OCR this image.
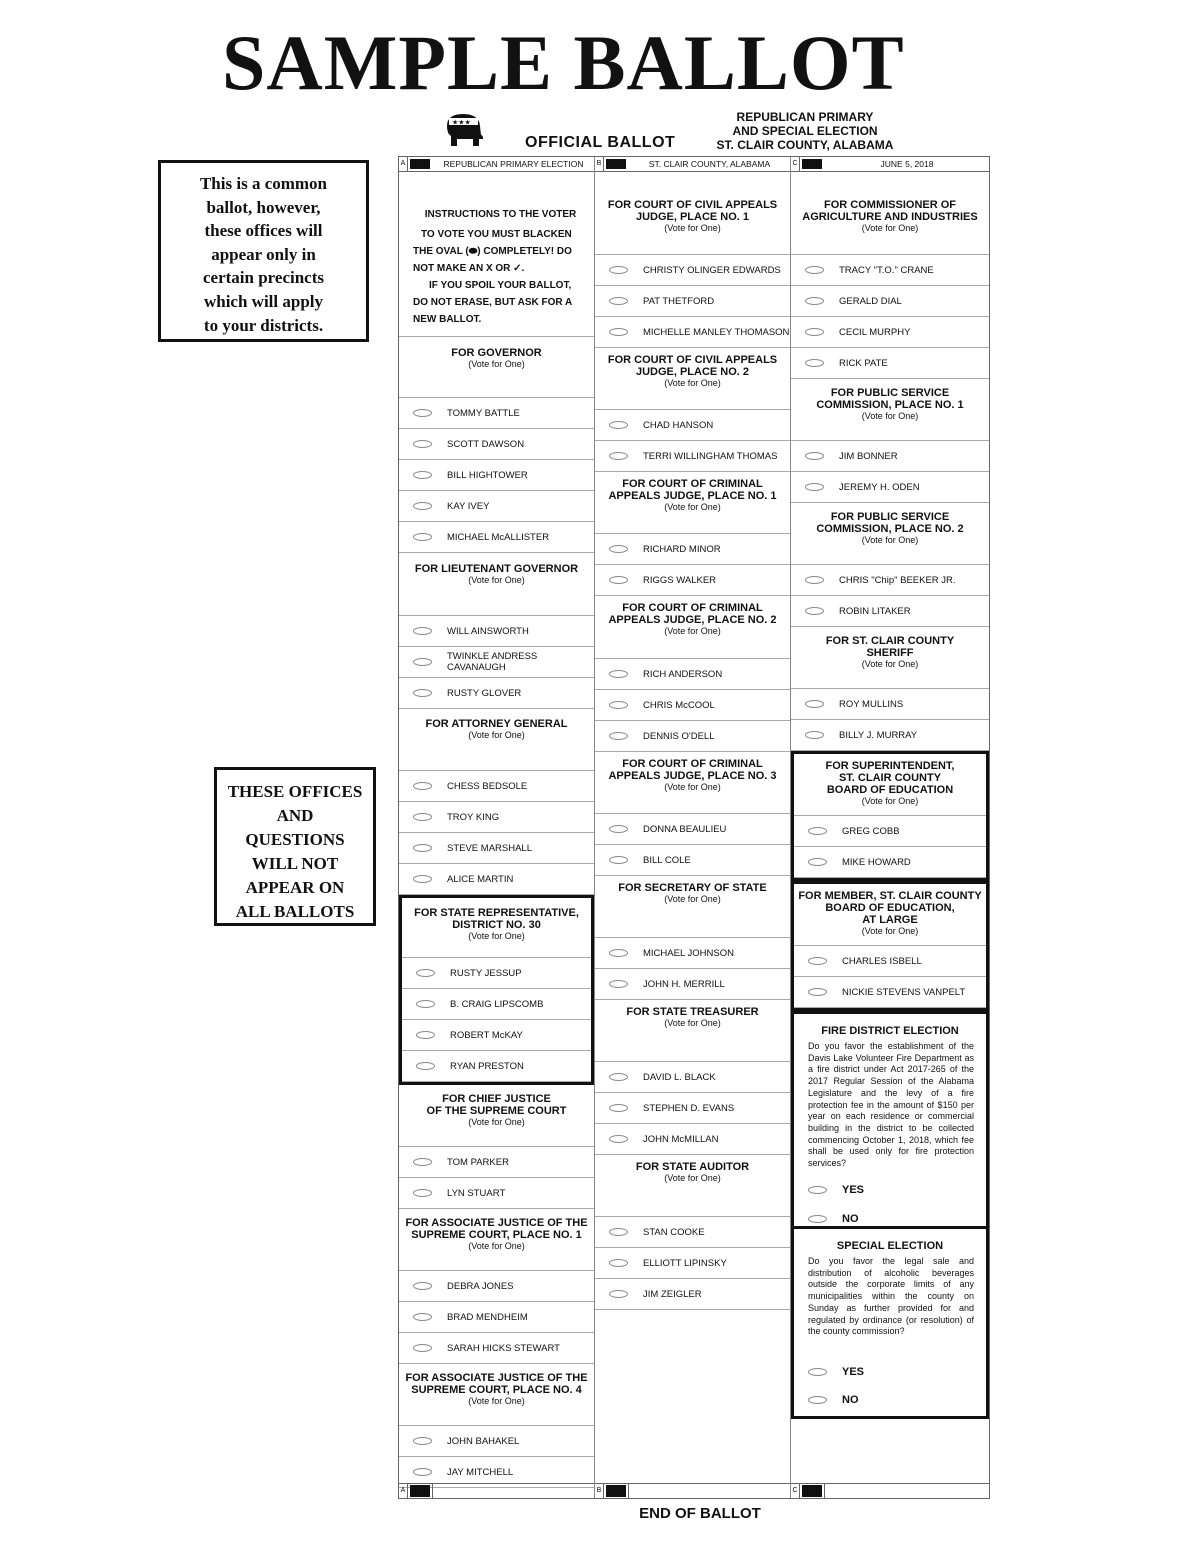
SAMPLE BALLOT
★★★
OFFICIAL BALLOT
REPUBLICAN PRIMARY
AND SPECIAL ELECTION
ST. CLAIR COUNTY, ALABAMA
This is a common
ballot, however,
these offices will
appear only in
certain precincts
which will apply
to your districts.
THESE OFFICES
AND
QUESTIONS
WILL NOT
APPEAR ON
ALL BALLOTS
A	REPUBLICAN PRIMARY ELECTION
INSTRUCTIONS TO THE VOTER
TO VOTE YOU MUST BLACKEN
THE OVAL (⬬) COMPLETELY! DO
NOT MAKE AN X OR ✓.
IF YOU SPOIL YOUR BALLOT,
DO NOT ERASE, BUT ASK FOR A
NEW BALLOT.
FOR GOVERNOR
(Vote for One)
TOMMY BATTLE
SCOTT DAWSON
BILL HIGHTOWER
KAY IVEY
MICHAEL McALLISTER
FOR LIEUTENANT GOVERNOR
(Vote for One)
WILL AINSWORTH
TWINKLE ANDRESS CAVANAUGH
RUSTY GLOVER
FOR ATTORNEY GENERAL
(Vote for One)
CHESS BEDSOLE
TROY KING
STEVE MARSHALL
ALICE MARTIN
FOR STATE REPRESENTATIVE,
DISTRICT NO. 30
(Vote for One)
RUSTY JESSUP
B. CRAIG LIPSCOMB
ROBERT McKAY
RYAN PRESTON
FOR CHIEF JUSTICE
OF THE SUPREME COURT
(Vote for One)
TOM PARKER
LYN STUART
FOR ASSOCIATE JUSTICE OF THE
SUPREME COURT, PLACE NO. 1
(Vote for One)
DEBRA JONES
BRAD MENDHEIM
SARAH HICKS STEWART
FOR ASSOCIATE JUSTICE OF THE
SUPREME COURT, PLACE NO. 4
(Vote for One)
JOHN BAHAKEL
JAY MITCHELL
A
B	ST. CLAIR COUNTY, ALABAMA
FOR COURT OF CIVIL APPEALS
JUDGE, PLACE NO. 1
(Vote for One)
CHRISTY OLINGER EDWARDS
PAT THETFORD
MICHELLE MANLEY THOMASON
FOR COURT OF CIVIL APPEALS
JUDGE, PLACE NO. 2
(Vote for One)
CHAD HANSON
TERRI WILLINGHAM THOMAS
FOR COURT OF CRIMINAL
APPEALS JUDGE, PLACE NO. 1
(Vote for One)
RICHARD MINOR
RIGGS WALKER
FOR COURT OF CRIMINAL
APPEALS JUDGE, PLACE NO. 2
(Vote for One)
RICH ANDERSON
CHRIS McCOOL
DENNIS O'DELL
FOR COURT OF CRIMINAL
APPEALS JUDGE, PLACE NO. 3
(Vote for One)
DONNA BEAULIEU
BILL COLE
FOR SECRETARY OF STATE
(Vote for One)
MICHAEL JOHNSON
JOHN H. MERRILL
FOR STATE TREASURER
(Vote for One)
DAVID L. BLACK
STEPHEN D. EVANS
JOHN McMILLAN
FOR STATE AUDITOR
(Vote for One)
STAN COOKE
ELLIOTT LIPINSKY
JIM ZEIGLER
B
C	JUNE 5, 2018
FOR COMMISSIONER OF
AGRICULTURE AND INDUSTRIES
(Vote for One)
TRACY "T.O." CRANE
GERALD DIAL
CECIL MURPHY
RICK PATE
FOR PUBLIC SERVICE
COMMISSION, PLACE NO. 1
(Vote for One)
JIM BONNER
JEREMY H. ODEN
FOR PUBLIC SERVICE
COMMISSION, PLACE NO. 2
(Vote for One)
CHRIS "Chip" BEEKER JR.
ROBIN LITAKER
FOR ST. CLAIR COUNTY
SHERIFF
(Vote for One)
ROY MULLINS
BILLY J. MURRAY
FOR SUPERINTENDENT,
ST. CLAIR COUNTY
BOARD OF EDUCATION
(Vote for One)
GREG COBB
MIKE HOWARD
FOR MEMBER, ST. CLAIR COUNTY
BOARD OF EDUCATION,
AT LARGE
(Vote for One)
CHARLES ISBELL
NICKIE STEVENS VANPELT
FIRE DISTRICT ELECTION
Do you favor the establishment of the Davis Lake Volunteer Fire Department as a fire district under Act 2017-265 of the 2017 Regular Session of the Alabama Legislature and the levy of a fire protection fee in the amount of $150 per year on each residence or commercial building in the district to be collected commencing October 1, 2018, which fee shall be used only for fire protection services?
YES
NO
SPECIAL ELECTION
Do you favor the legal sale and distribution of alcoholic beverages outside the corporate limits of any municipalities within the county on Sunday as further provided for and regulated by ordinance (or resolution) of the county commission?
YES
NO
C
END OF BALLOT
